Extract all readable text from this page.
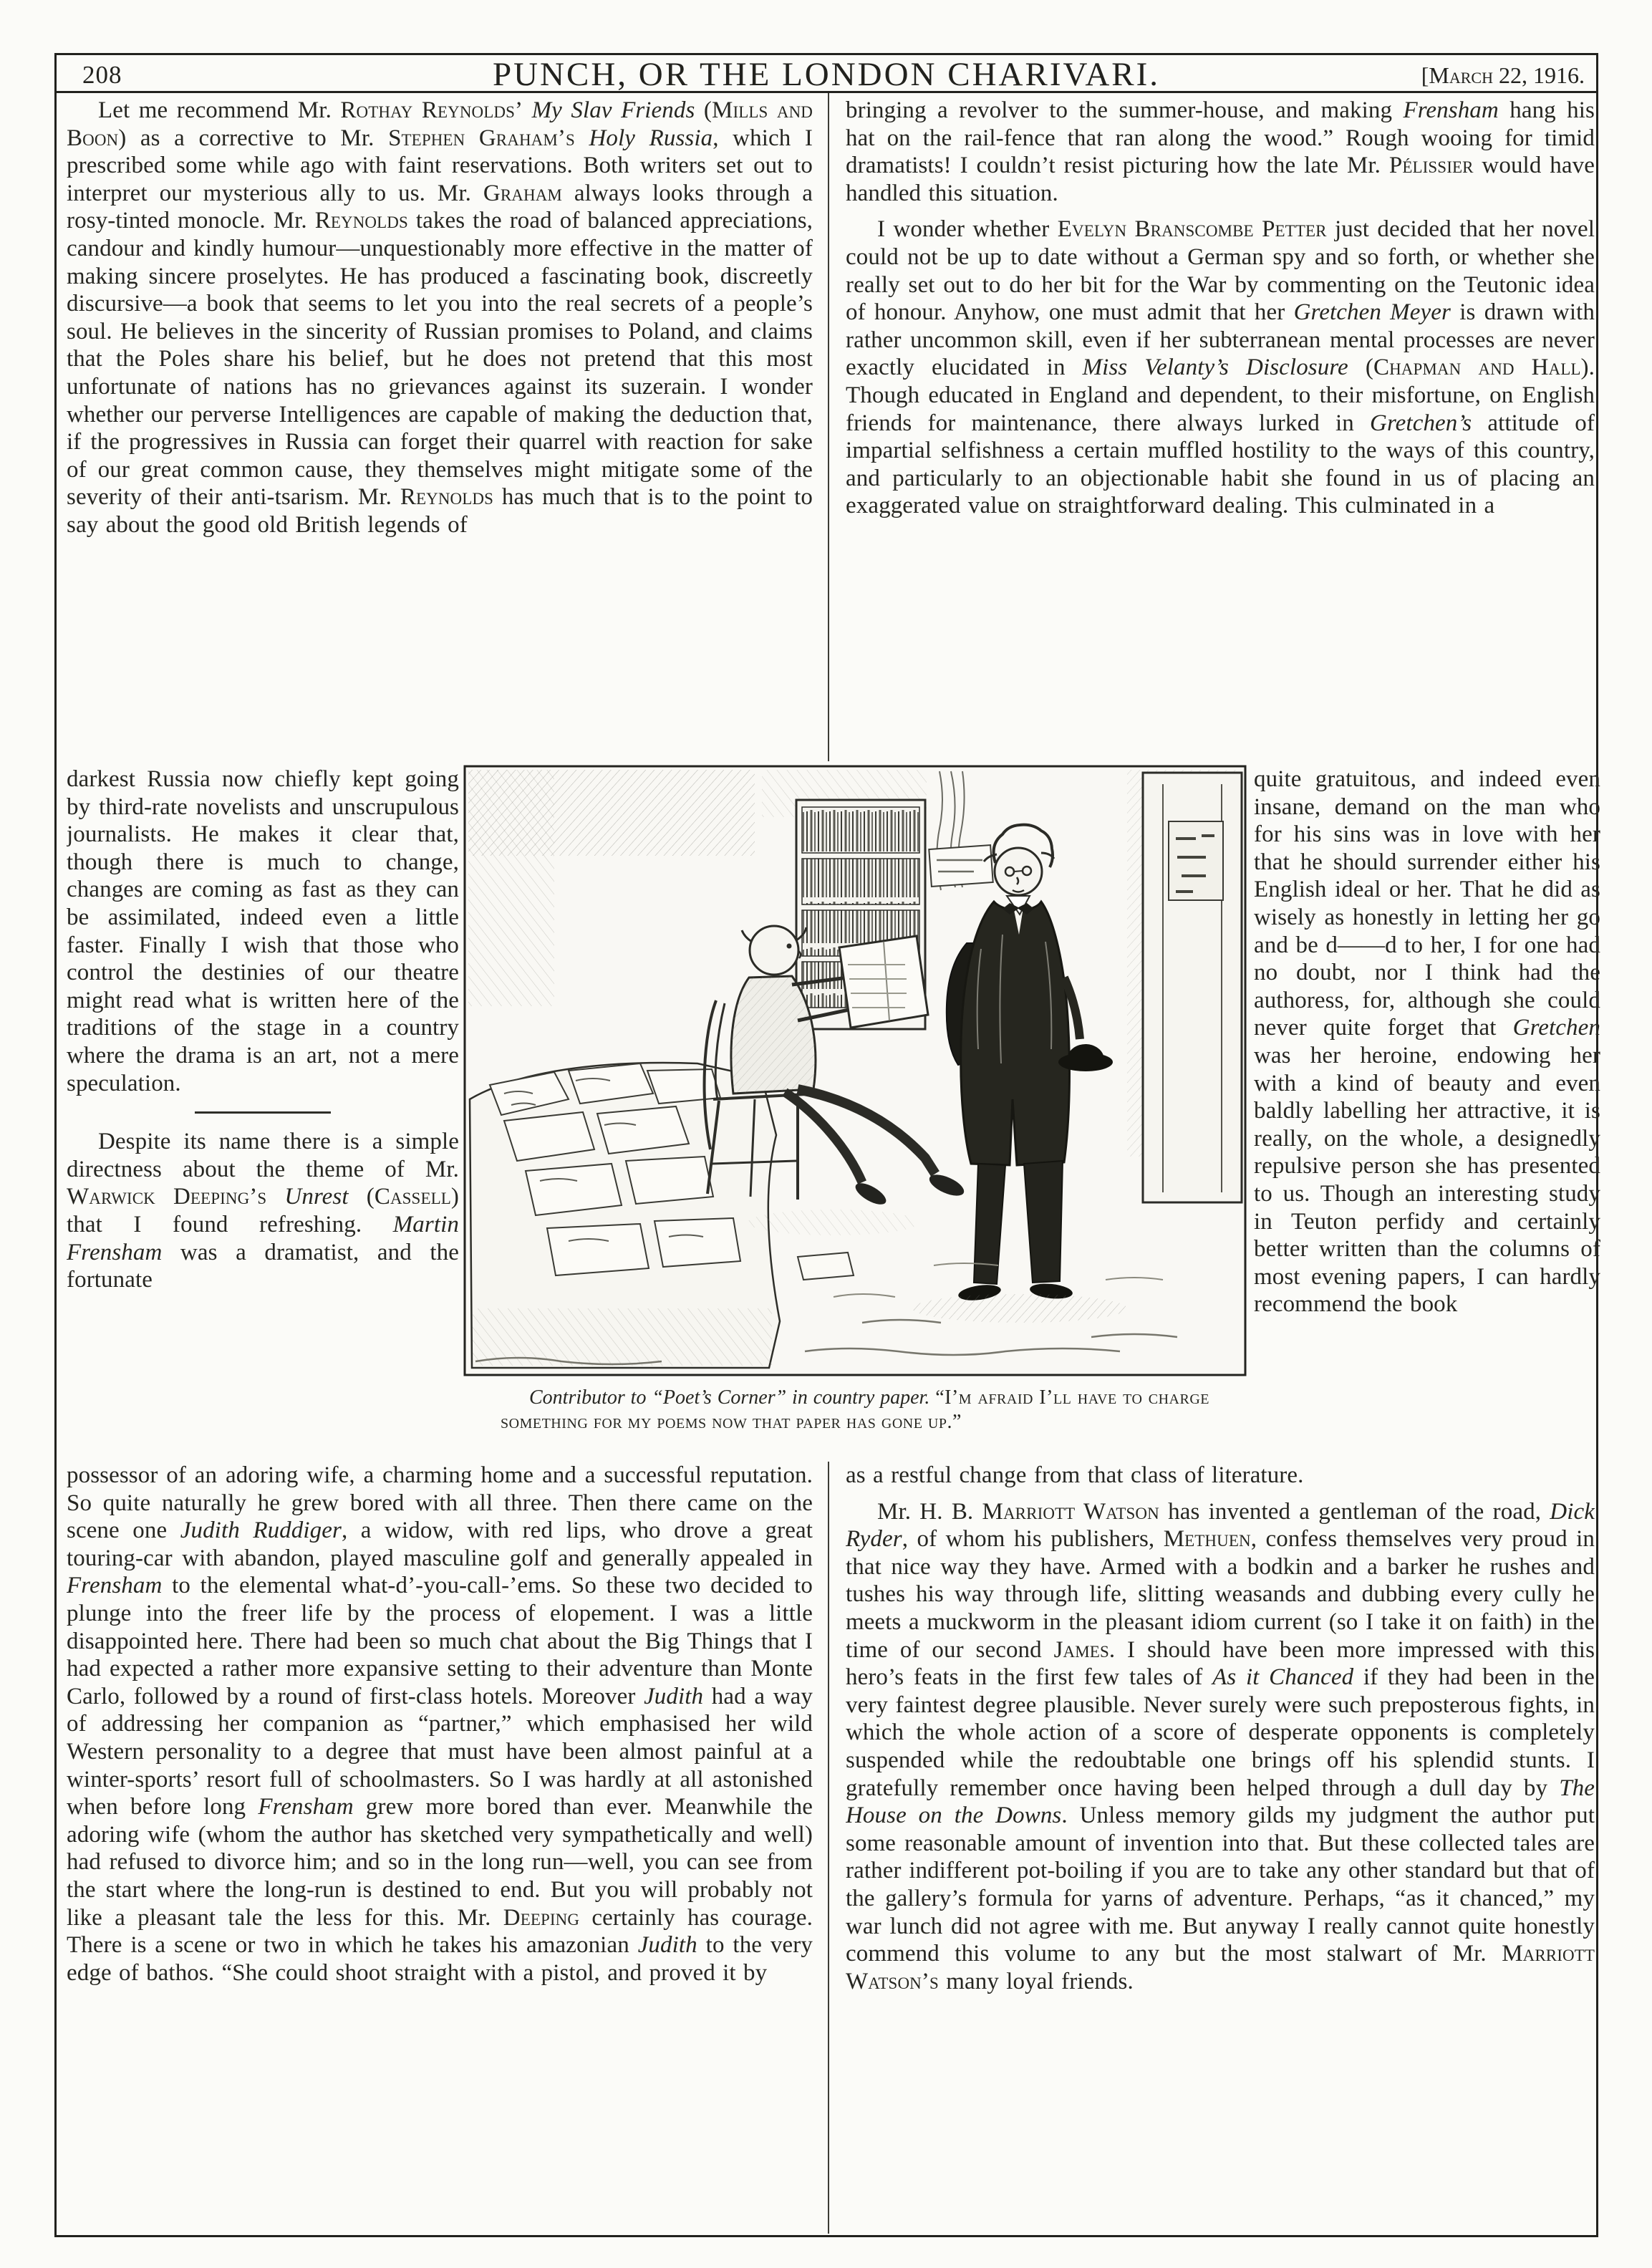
208	PUNCH, OR THE LONDON CHARIVARI.	[March 22, 1916.

Let me recommend Mr. Rothay Reynolds’ My Slav Friends (Mills and Boon) as a corrective to Mr. Stephen Graham’s Holy Russia, which I prescribed some while ago with faint reservations. Both writers set out to interpret our mysterious ally to us. Mr. Graham always looks through a rosy-tinted monocle. Mr. Reynolds takes the road of balanced appreciations, candour and kindly humour—unquestionably more effective in the matter of making sincere proselytes. He has produced a fascinating book, discreetly discursive—a book that seems to let you into the real secrets of a people’s soul. He believes in the sincerity of Russian promises to Poland, and claims that the Poles share his belief, but he does not pretend that this most unfortunate of nations has no grievances against its suzerain. I wonder whether our perverse Intelligences are capable of making the deduction that, if the progressives in Russia can forget their quarrel with reaction for sake of our great common cause, they themselves might mitigate some of the severity of their anti-tsarism. Mr. Reynolds has much that is to the point to say about the good old British legends of

bringing a revolver to the summer-house, and making Frensham hang his hat on the rail-fence that ran along the wood.” Rough wooing for timid dramatists! I couldn’t resist picturing how the late Mr. Pélissier would have handled this situation.

I wonder whether Evelyn Branscombe Petter just decided that her novel could not be up to date without a German spy and so forth, or whether she really set out to do her bit for the War by commenting on the Teutonic idea of honour. Anyhow, one must admit that her Gretchen Meyer is drawn with rather uncommon skill, even if her subterranean mental processes are never exactly elucidated in Miss Velanty’s Disclosure (Chapman and Hall). Though educated in England and dependent, to their misfortune, on English friends for maintenance, there always lurked in Gretchen’s attitude of impartial selfishness a certain muffled hostility to the ways of this country, and particularly to an objectionable habit she found in us of placing an exaggerated value on straightforward dealing. This culminated in a

darkest Russia now chiefly kept going by third-rate novelists and unscrupulous journalists. He makes it clear that, though there is much to change, changes are coming as fast as they can be assimilated, indeed even a little faster. Finally I wish that those who control the destinies of our theatre might read what is written here of the traditions of the stage in a country where the drama is an art, not a mere speculation.

Despite its name there is a simple directness about the theme of Mr. Warwick Deeping’s Unrest (Cassell) that I found refreshing. Martin Frensham was a dramatist, and the fortunate

Contributor to “Poet’s Corner” in country paper. “I’m afraid I’ll have to charge something for my poems now that paper has gone up.”

quite gratuitous, and indeed even insane, demand on the man who for his sins was in love with her that he should surrender either his English ideal or her. That he did as wisely as honestly in letting her go and be d——d to her, I for one had no doubt, nor I think had the authoress, for, although she could never quite forget that Gretchen was her heroine, endowing her with a kind of beauty and even baldly labelling her attractive, it is really, on the whole, a designedly repulsive person she has presented to us. Though an interesting study in Teuton perfidy and certainly better written than the columns of most evening papers, I can hardly recommend the book

possessor of an adoring wife, a charming home and a successful reputation. So quite naturally he grew bored with all three. Then there came on the scene one Judith Ruddiger, a widow, with red lips, who drove a great touring-car with abandon, played masculine golf and generally appealed in Frensham to the elemental what-d’-you-call-’ems. So these two decided to plunge into the freer life by the process of elopement. I was a little disappointed here. There had been so much chat about the Big Things that I had expected a rather more expansive setting to their adventure than Monte Carlo, followed by a round of first-class hotels. Moreover Judith had a way of addressing her companion as “partner,” which emphasised her wild Western personality to a degree that must have been almost painful at a winter-sports’ resort full of schoolmasters. So I was hardly at all astonished when before long Frensham grew more bored than ever. Meanwhile the adoring wife (whom the author has sketched very sympathetically and well) had refused to divorce him; and so in the long run—well, you can see from the start where the long-run is destined to end. But you will probably not like a pleasant tale the less for this. Mr. Deeping certainly has courage. There is a scene or two in which he takes his amazonian Judith to the very edge of bathos. “She could shoot straight with a pistol, and proved it by

as a restful change from that class of literature.

Mr. H. B. Marriott Watson has invented a gentleman of the road, Dick Ryder, of whom his publishers, Methuen, confess themselves very proud in that nice way they have. Armed with a bodkin and a barker he rushes and tushes his way through life, slitting weasands and dubbing every cully he meets a muckworm in the pleasant idiom current (so I take it on faith) in the time of our second James. I should have been more impressed with this hero’s feats in the first few tales of As it Chanced if they had been in the very faintest degree plausible. Never surely were such preposterous fights, in which the whole action of a score of desperate opponents is completely suspended while the redoubtable one brings off his splendid stunts. I gratefully remember once having been helped through a dull day by The House on the Downs. Unless memory gilds my judgment the author put some reasonable amount of invention into that. But these collected tales are rather indifferent pot-boiling if you are to take any other standard but that of the gallery’s formula for yarns of adventure. Perhaps, “as it chanced,” my war lunch did not agree with me. But anyway I really cannot quite honestly commend this volume to any but the most stalwart of Mr. Marriott Watson’s many loyal friends.
